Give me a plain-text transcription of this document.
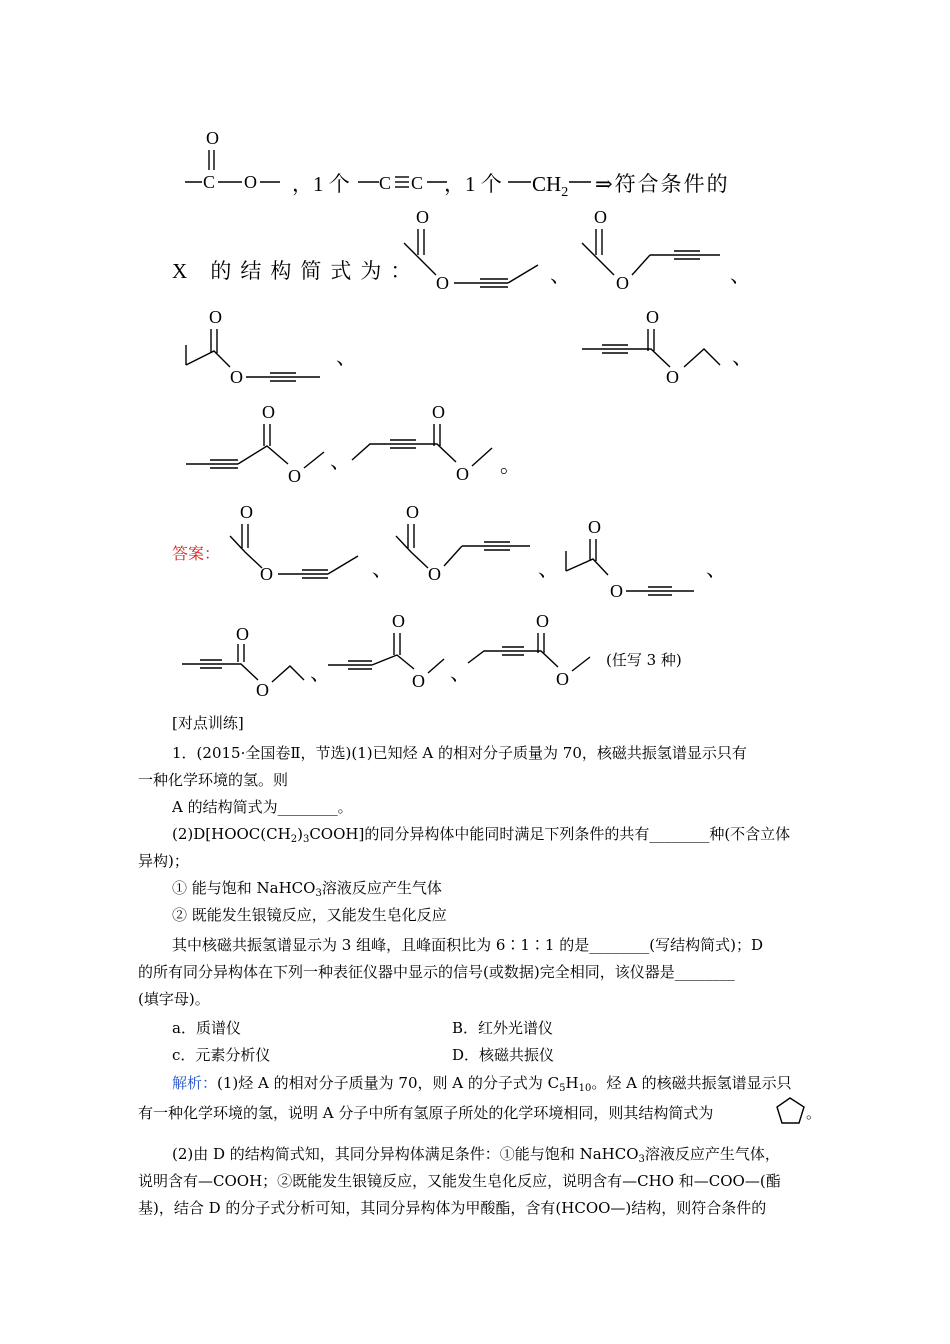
O
C O ，1 个 C C ，1 个 $CH_2$ ⇒符合条件的
X 的结构简式为：
O
O	、
O
O	、
O
O
、
O
O
、
O
O
、
O
O 。
答案：
O
O	、
O
O	、
O
O
、
O
O
、
O
O 、
O
O
(任写 3 种)
[对点训练]
1．(2015·全国卷Ⅱ，节选)(1)已知烃 A 的相对分子质量为 70，核磁共振氢谱显示只有
一种化学环境的氢。则
A 的结构简式为________。
$(2)D[HOOC(CH_2)_3COOH]$的同分异构体中能同时满足下列条件的共有________种(不含立体
异构)；
① 能与饱和 NaHCO$_3$溶液反应产生气体
② 既能发生银镜反应，又能发生皂化反应
其中核磁共振氢谱显示为 3 组峰，且峰面积比为 6∶1∶1 的是________(写结构简式)；D
的所有同分异构体在下列一种表征仪器中显示的信号(或数据)完全相同，该仪器是________
(填字母)。
a．质谱仪	B．红外光谱仪
c．元素分析仪	D．核磁共振仪
解析：(1)烃 A 的相对分子质量为 70，则 A 的分子式为 $C_5H_{10}$。烃 A 的核磁共振氢谱显示只
有一种化学环境的氢，说明 A 分子中所有氢原子所处的化学环境相同，则其结构简式为	。
(2)由 D 的结构简式知，其同分异构体满足条件：①能与饱和 NaHCO$_3$溶液反应产生气体，
说明含有—COOH；②既能发生银镜反应，又能发生皂化反应，说明含有—CHO 和—COO—(酯
基)，结合 D 的分子式分析可知，其同分异构体为甲酸酯，含有(HCOO—)结构，则符合条件的
